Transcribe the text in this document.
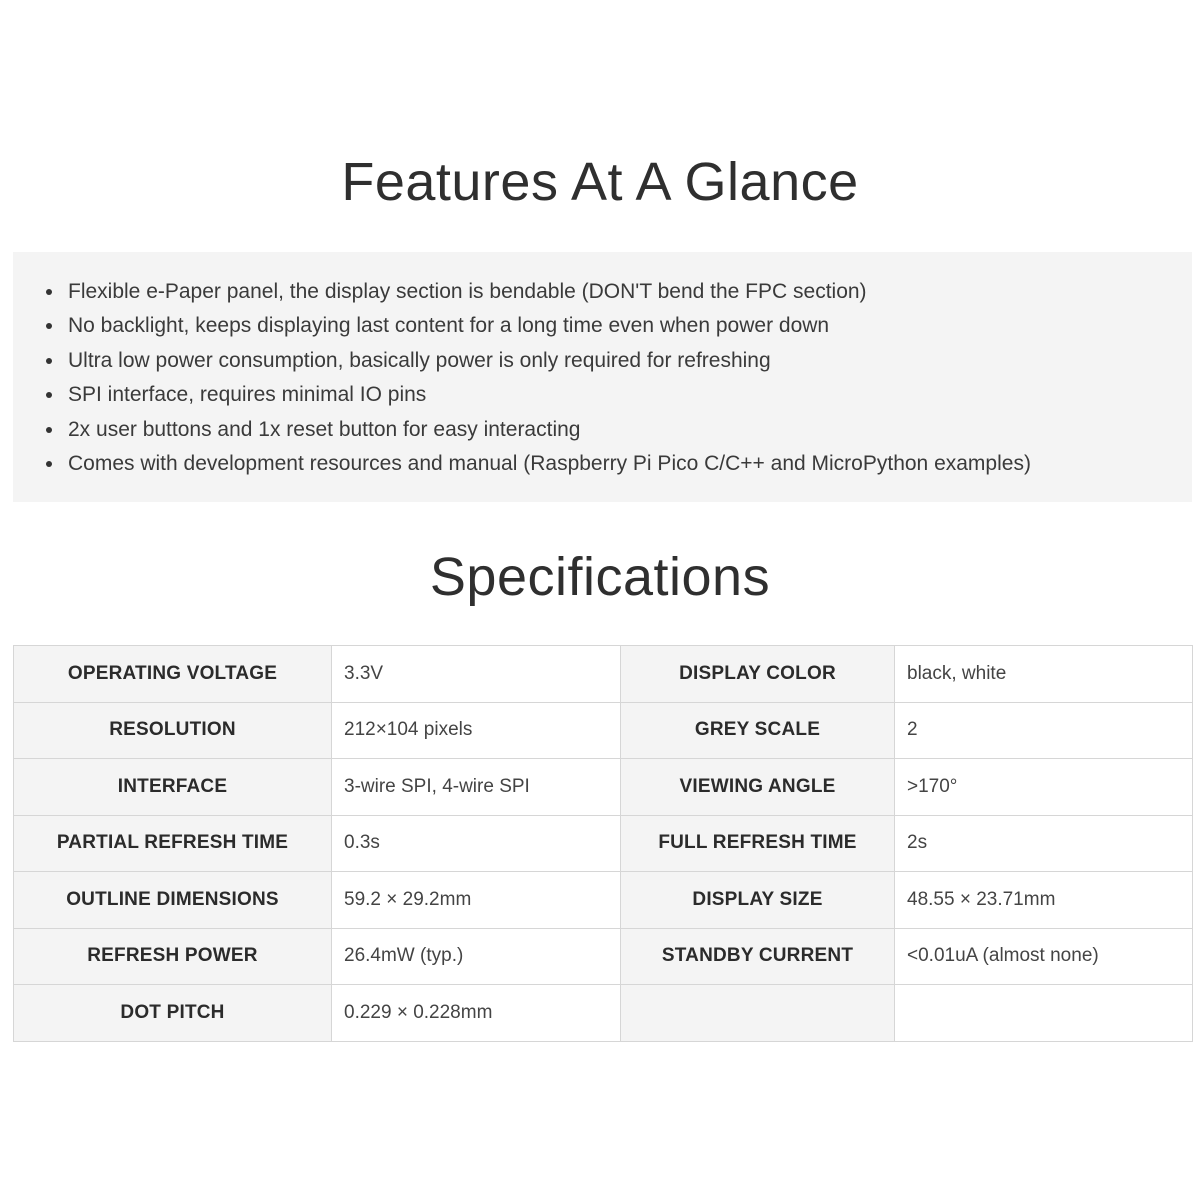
Features At A Glance
Flexible e-Paper panel, the display section is bendable (DON'T bend the FPC section)
No backlight, keeps displaying last content for a long time even when power down
Ultra low power consumption, basically power is only required for refreshing
SPI interface, requires minimal IO pins
2x user buttons and 1x reset button for easy interacting
Comes with development resources and manual (Raspberry Pi Pico C/C++ and MicroPython examples)
Specifications
OPERATING VOLTAGE	3.3V	DISPLAY COLOR	black, white
RESOLUTION	212×104 pixels	GREY SCALE	2
INTERFACE	3-wire SPI, 4-wire SPI	VIEWING ANGLE	>170°
PARTIAL REFRESH TIME	0.3s	FULL REFRESH TIME	2s
OUTLINE DIMENSIONS	59.2 × 29.2mm	DISPLAY SIZE	48.55 × 23.71mm
REFRESH POWER	26.4mW (typ.)	STANDBY CURRENT	<0.01uA (almost none)
DOT PITCH	0.229 × 0.228mm		
